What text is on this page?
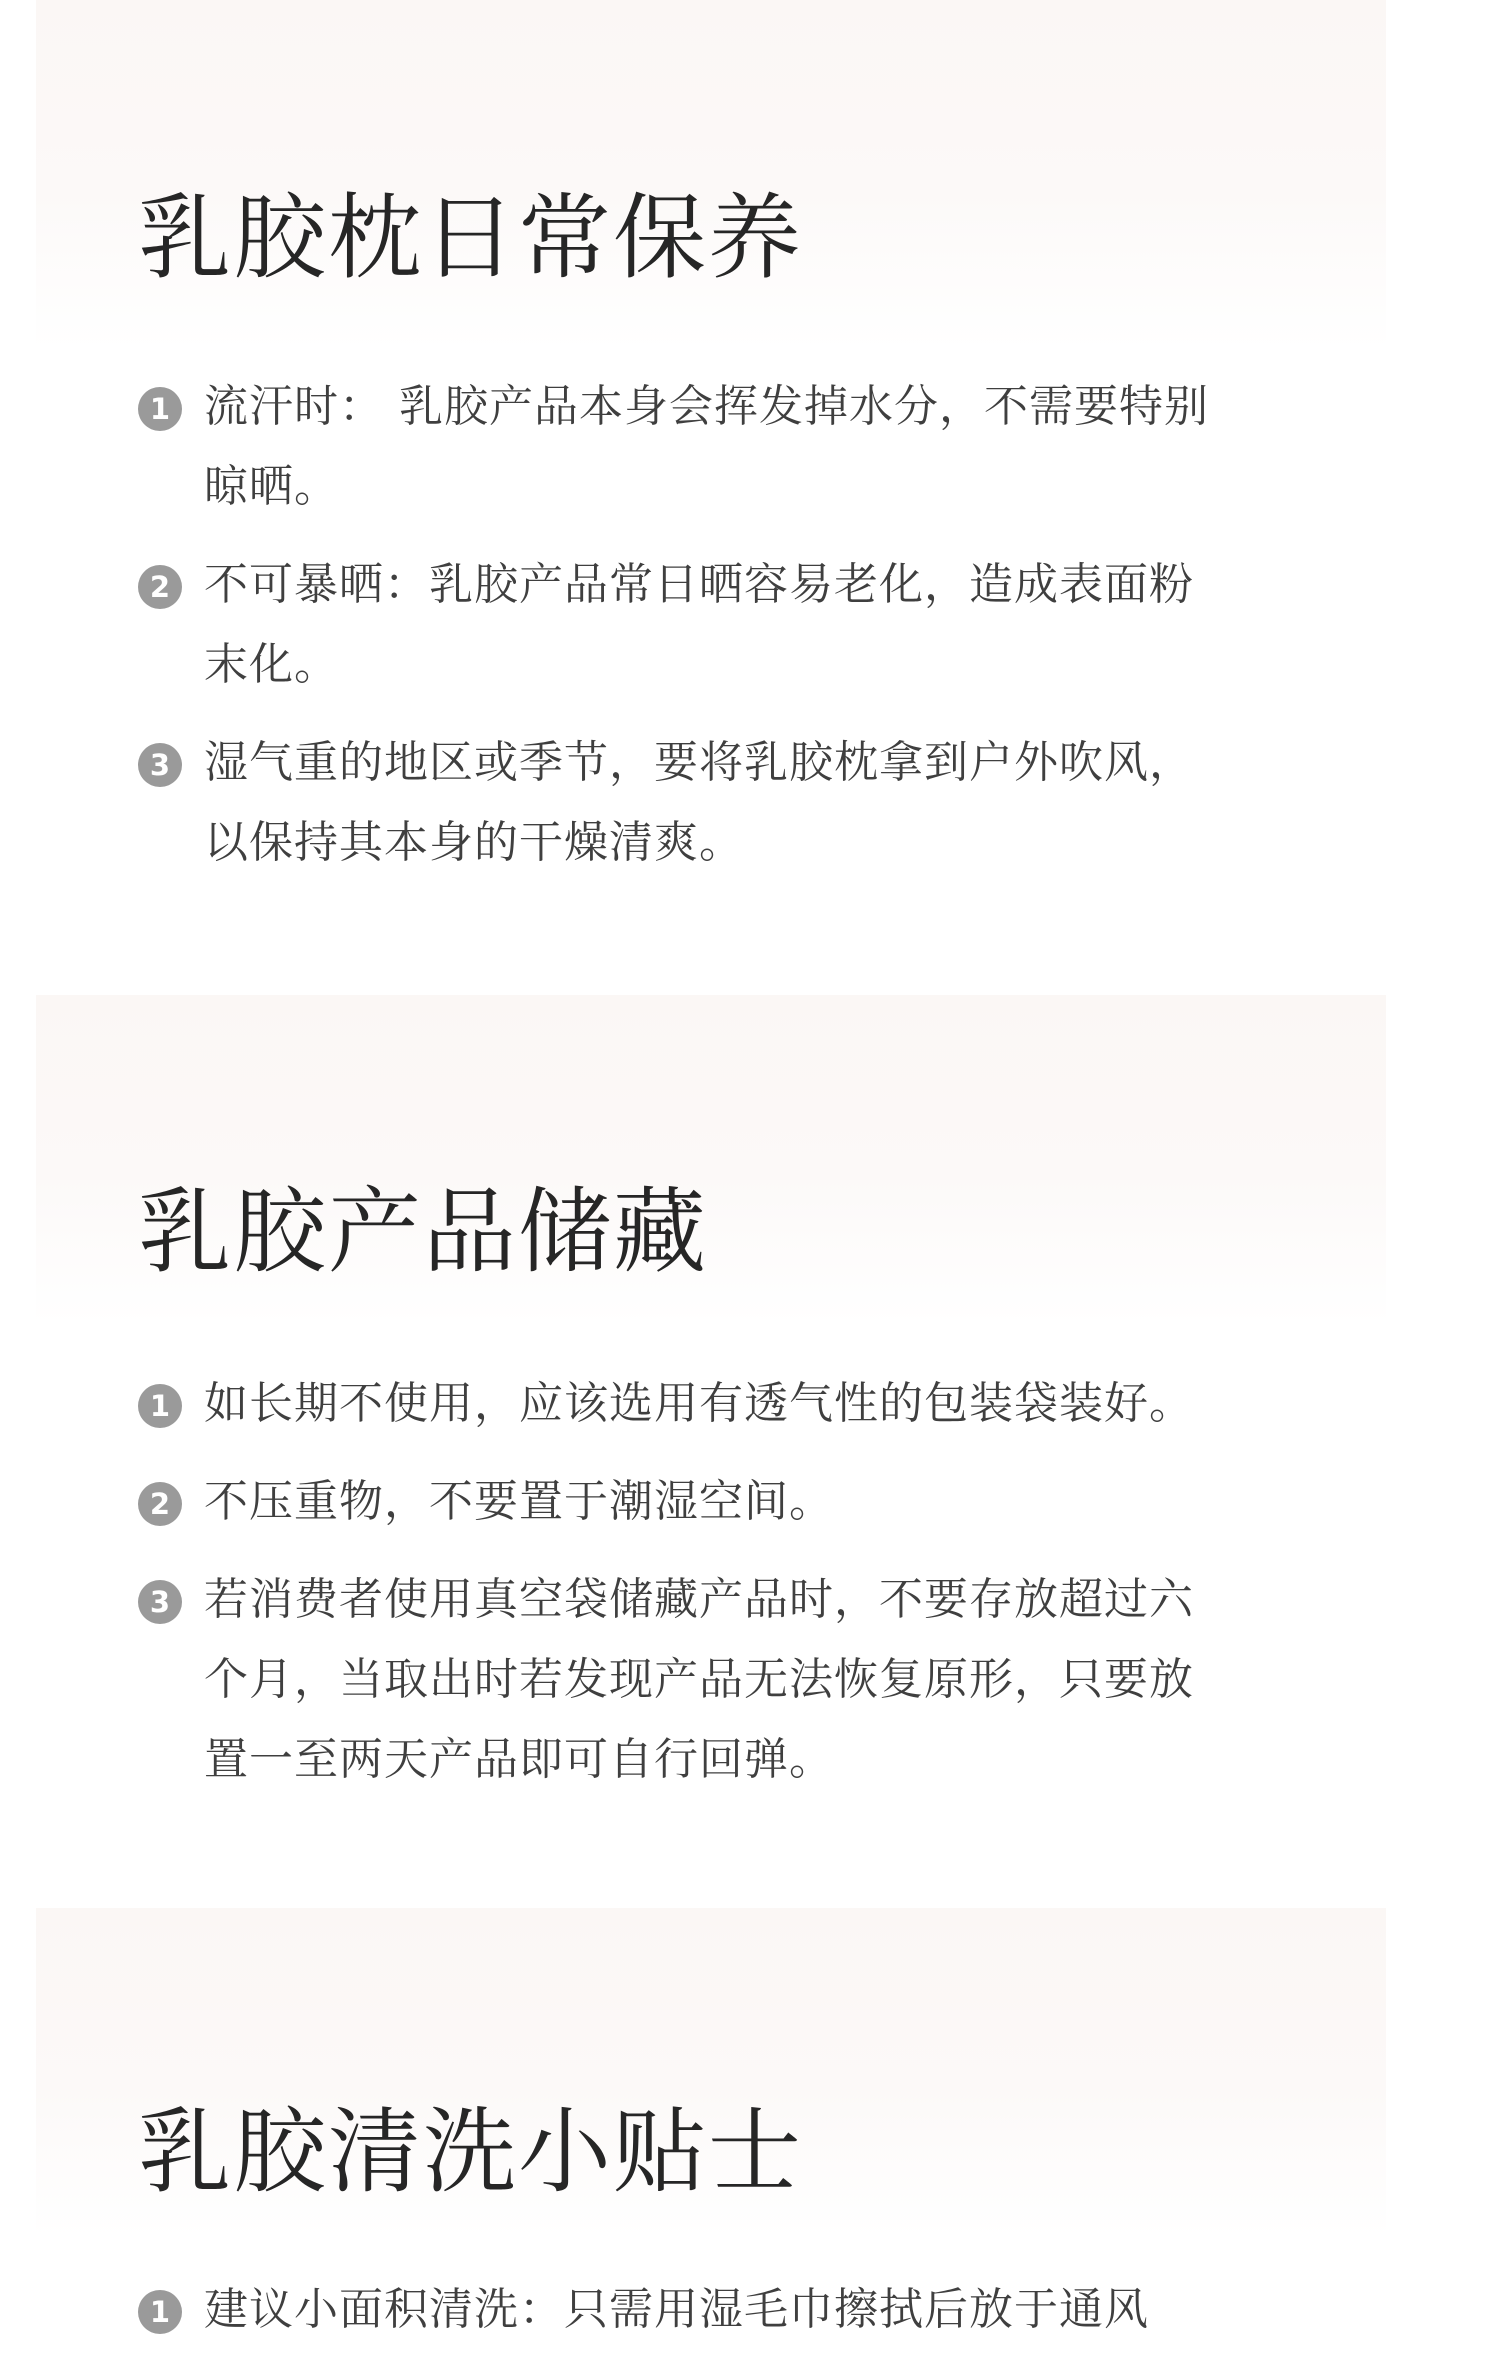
乳胶枕日常保养
1 流汗时： 乳胶产品本身会挥发掉水分，不需要特别晾晒。
2 不可暴晒：乳胶产品常日晒容易老化，造成表面粉末化。
3 湿气重的地区或季节，要将乳胶枕拿到户外吹风，以保持其本身的干燥清爽。
乳胶产品储藏
1 如长期不使用，应该选用有透气性的包装袋装好。
2 不压重物，不要置于潮湿空间。
3 若消费者使用真空袋储藏产品时，不要存放超过六个月，当取出时若发现产品无法恢复原形，只要放置一至两天产品即可自行回弹。
乳胶清洗小贴士
1 建议小面积清洗：只需用湿毛巾擦拭后放于通风
